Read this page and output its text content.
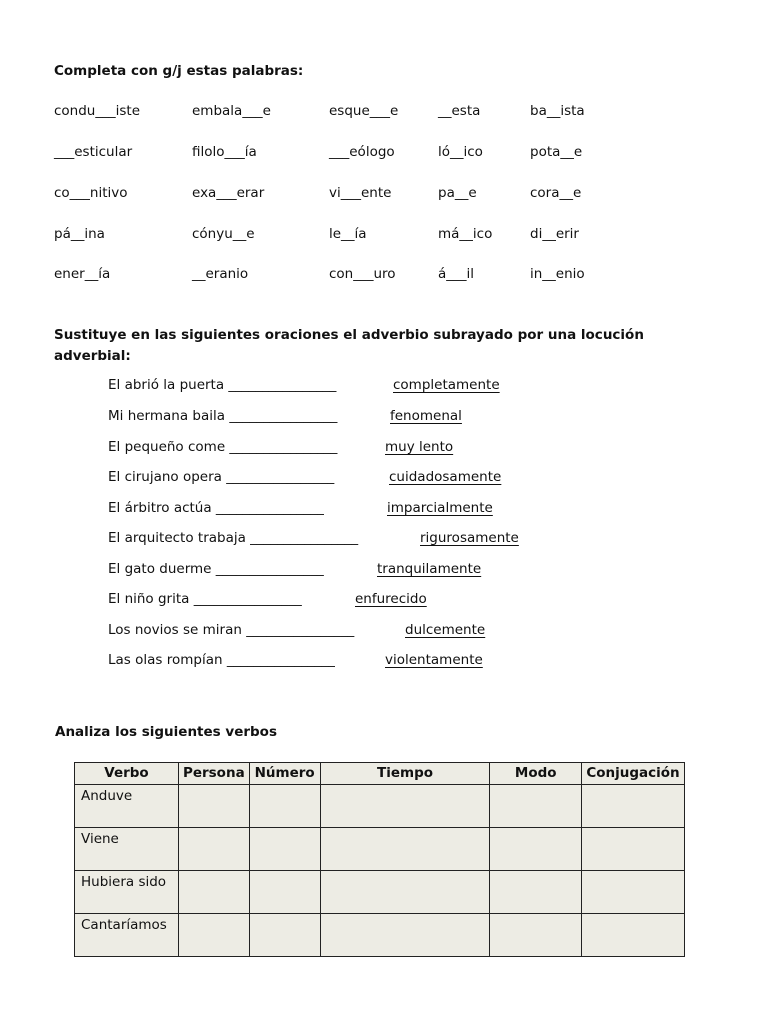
Completa con g/j estas palabras:
condu___iste	embala___e	esque___e	__esta	ba__ista
___esticular	filolo___ía	___eólogo	ló__ico	pota__e
co___nitivo	exa___erar	vi___ente	pa__e	cora__e
pá__ina	cónyu__e	le__ía	má__ico	di__erir
ener__ía	__eranio	con___uro	á___il	in__enio
Sustituye en las siguientes oraciones el adverbio subrayado por una locución adverbial:
El abrió la puerta ________________	completamente
Mi hermana baila ________________	fenomenal
El pequeño come ________________	muy lento
El cirujano opera ________________	cuidadosamente
El árbitro actúa ________________	imparcialmente
El arquitecto trabaja ________________	rigurosamente
El gato duerme ________________	tranquilamente
El niño grita ________________	enfurecido
Los novios se miran ________________	dulcemente
Las olas rompían ________________	violentamente
Analiza los siguientes verbos
Verbo	Persona	Número	Tiempo	Modo	Conjugación
Anduve					
Viene					
Hubiera sido					
Cantaríamos					
